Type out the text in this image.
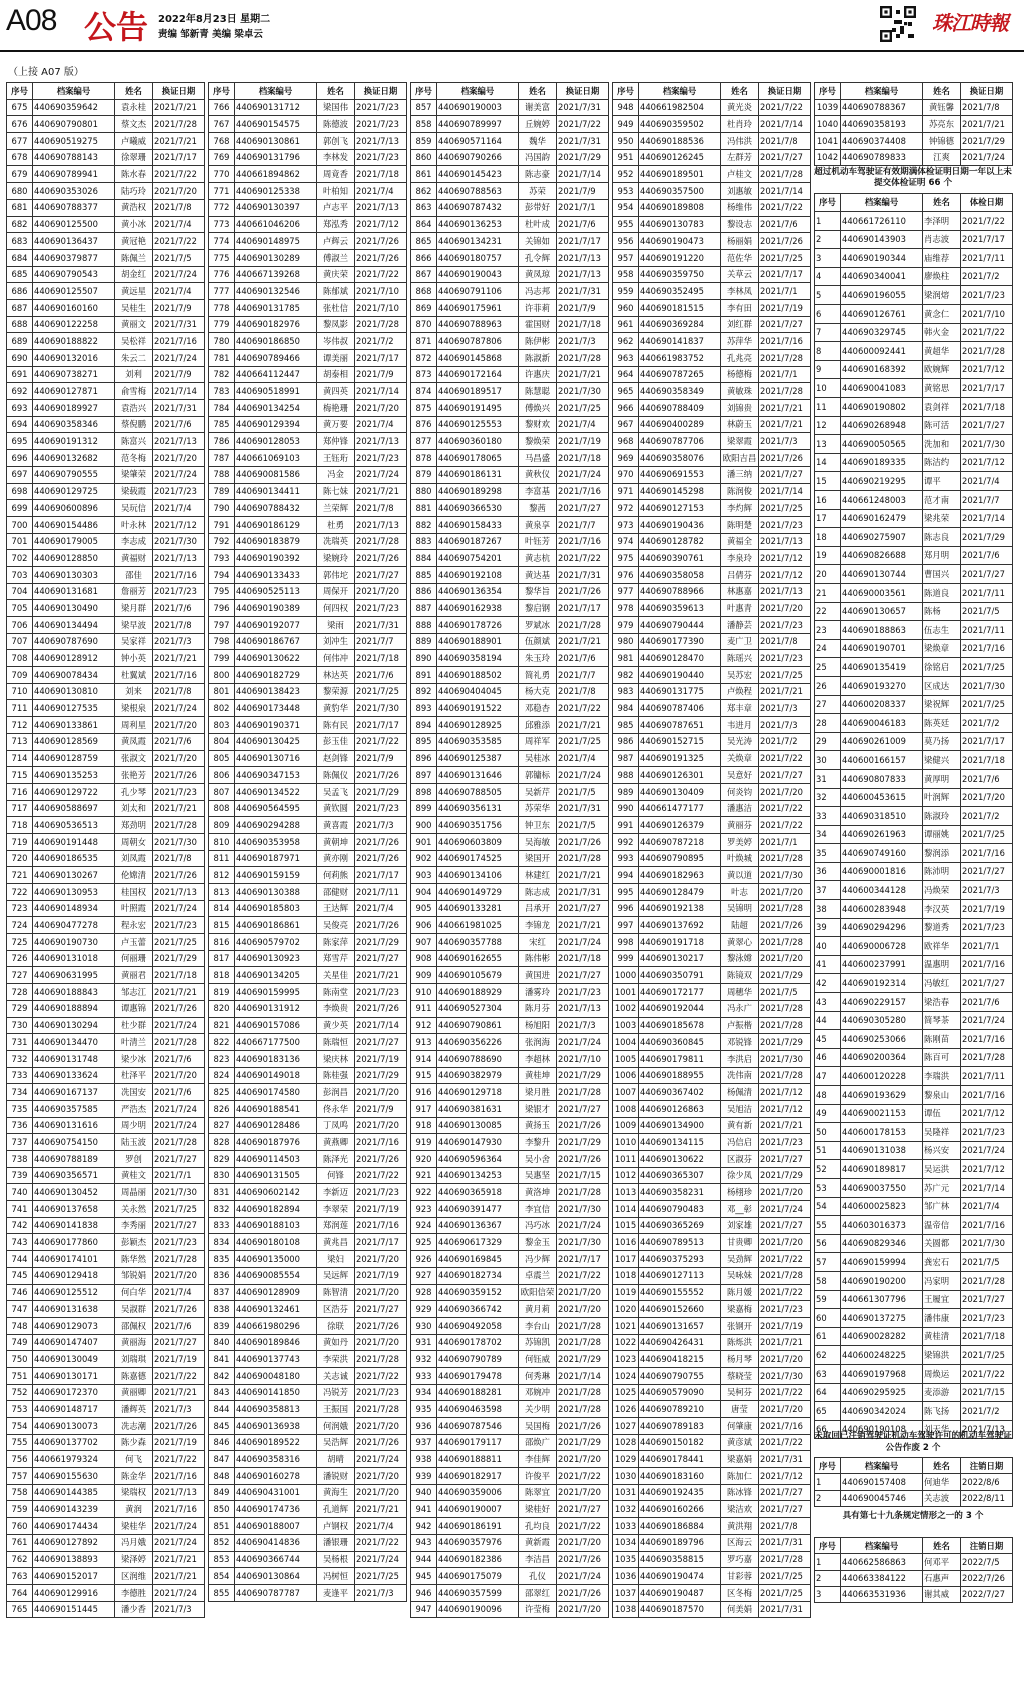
A08 公告 2022年8月23日 星期二
责编 邹新青 美编 梁卓云	珠江時報
（上接 A07 版）
序号	档案编号	姓名	换证日期
675	440690359642	袁永桂	2021/7/21
676	440690790801	蔡文杰	2021/7/28
677	440690519275	卢曦威	2021/7/21
678	440690788143	徐翠珊	2021/7/17
679	440690789941	陈水春	2021/7/22
680	440690353026	陆巧玲	2021/7/20
681	440690788377	黄浩权	2021/7/8
682	440690125500	黄小冰	2021/7/4
683	440690136437	黄冠艳	2021/7/22
684	440690379877	陈佩兰	2021/7/5
685	440690790543	胡金红	2021/7/24
686	440690125507	黄远星	2021/7/4
687	440690160160	吴桂生	2021/7/9
688	440690122258	黄丽文	2021/7/31
689	440690188822	吴松祥	2021/7/16
690	440690132016	朱云二	2021/7/24
691	440690738271	刘利	2021/7/9
692	440690127871	俞雪梅	2021/7/14
693	440690189927	袁浩兴	2021/7/31
694	440690358346	蔡倪鹏	2021/7/6
695	440690191312	陈富兴	2021/7/13
696	440690132682	范冬梅	2021/7/20
697	440690790555	梁肇荣	2021/7/24
698	440690129725	梁载霞	2021/7/23
699	440690600896	吴玩信	2021/7/4
700	440690154486	叶永林	2021/7/12
701	440690179005	李志成	2021/7/30
702	440690128850	黄福财	2021/7/13
703	440690130303	邵佳	2021/7/16
704	440690131681	詹丽芳	2021/7/23
705	440690130490	梁月群	2021/7/6
706	440690134494	梁早波	2021/7/8
707	440690787690	吴家祥	2021/7/3
708	440690128912	钟小英	2021/7/21
709	440690078434	杜翼斌	2021/7/16
710	440690130810	刘来	2021/7/8
711	440690127535	梁根泉	2021/7/24
712	440690133861	周利星	2021/7/20
713	440690128569	黄凤霞	2021/7/6
714	440690128759	张淑文	2021/7/20
715	440690135253	张艳芳	2021/7/26
716	440690129722	孔少琴	2021/7/23
717	440690588697	刘太和	2021/7/21
718	440690536513	郑劲明	2021/7/28
719	440690191448	周朝女	2021/7/30
720	440690186535	刘凤霞	2021/7/8
721	440690130267	伦嫦清	2021/7/26
722	440690130953	桂国权	2021/7/13
723	440690148934	叶照霞	2021/7/24
724	440690477278	程永宏	2021/7/23
725	440690190730	卢玉蕾	2021/7/25
726	440690131018	何丽珊	2021/7/29
727	440690631995	黄丽君	2021/7/18
728	440690188843	邹志江	2021/7/21
729	440690188894	谭惠锦	2021/7/26
730	440690130294	杜少群	2021/7/24
731	440690134470	叶清兰	2021/7/28
732	440690131748	梁少冰	2021/7/6
733	440690133624	杜泽平	2021/7/20
734	440690167137	冼国安	2021/7/6
735	440690357585	严浩杰	2021/7/24
736	440690131616	周少明	2021/7/24
737	440690754150	陆玉波	2021/7/28
738	440690788189	罗创	2021/7/27
739	440690356571	黄桂文	2021/7/1
740	440690130452	周晶丽	2021/7/30
741	440690137658	关永然	2021/7/25
742	440690141838	李秀丽	2021/7/27
743	440690177860	彭颖杰	2021/7/23
744	440690174101	陈华然	2021/7/28
745	440690129418	邹锐娟	2021/7/20
746	440690125512	何白华	2021/7/4
747	440690131638	吴淑群	2021/7/26
748	440690129073	邵佩权	2021/7/6
749	440690147407	黄丽海	2021/7/27
750	440690130049	刘瑞琪	2021/7/19
751	440690130171	陈嘉德	2021/7/22
752	440690172370	黄丽卿	2021/7/21
753	440690148717	潘辉英	2021/7/3
754	440690130073	冼志潮	2021/7/26
755	440690137702	陈少森	2021/7/19
756	440661979324	何飞	2021/7/22
757	440690155630	陈金华	2021/7/16
758	440690144385	梁瑞权	2021/7/13
759	440690143239	黄润	2021/7/16
760	440690174434	梁桂华	2021/7/24
761	440690127892	冯月娥	2021/7/24
762	440690138893	梁泽婷	2021/7/21
763	440690152017	区润维	2021/7/21
764	440690129916	李德胜	2021/7/24
765	440690151445	潘少香	2021/7/3
序号	档案编号	姓名	换证日期
766	440690131712	梁国伟	2021/7/23
767	440690154575	陈德波	2021/7/23
768	440690130861	郭创飞	2021/7/13
769	440690131796	李林发	2021/7/23
770	440661894862	周竟香	2021/7/18
771	440690125338	叶柏知	2021/7/4
772	440690130397	卢志平	2021/7/13
773	440661046206	郑泓秀	2021/7/12
774	440690148975	卢辉云	2021/7/26
775	440690130289	傅淑兰	2021/7/26
776	440667139268	黄庆荣	2021/7/22
777	440690132546	陈郁斌	2021/7/10
778	440690131785	张杜信	2021/7/10
779	440690182976	黎凤影	2021/7/28
780	440690186850	岑伟叔	2021/7/2
781	440690789466	谭美丽	2021/7/17
782	440664112447	胡泰相	2021/7/9
783	440690518991	黄四英	2021/7/14
784	440690134254	梅艳珊	2021/7/20
785	440690129394	黄万要	2021/7/4
786	440690128053	郑仲锋	2021/7/13
787	440661069103	王钰珩	2021/7/23
788	440690081586	冯金	2021/7/24
789	440690134411	陈七妹	2021/7/21
790	440690788432	兰荣辉	2021/7/8
791	440690186129	杜勇	2021/7/13
792	440690183879	冼瑞英	2021/7/28
793	440690190392	梁婉玲	2021/7/26
794	440690133433	郭伟坨	2021/7/27
795	440690525113	周保开	2021/7/20
796	440690190389	何四权	2021/7/23
797	440690192077	梁雨	2021/7/31
798	440690186767	刘冲生	2021/7/7
799	440690130622	何伟冲	2021/7/18
800	440690182729	林达英	2021/7/6
801	440690138423	黎荣源	2021/7/25
802	440690173448	黄豹华	2021/7/30
803	440690190371	陈有民	2021/7/17
804	440690130425	彭玉佳	2021/7/22
805	440690130716	赵剑锋	2021/7/9
806	440690347153	陈佩仪	2021/7/26
807	440690134522	吴孟飞	2021/7/29
808	440690564595	黄钦圆	2021/7/23
809	440690294288	黄喜霞	2021/7/3
810	440690353958	黄朝坤	2021/7/26
811	440690187971	黄亦刚	2021/7/26
812	440690159159	何莉熊	2021/7/17
813	440690130388	邵健财	2021/7/11
814	440690185803	王达辉	2021/7/4
815	440690186861	吴俊亮	2021/7/26
816	440690579702	陈家萍	2021/7/29
817	440690130923	郑雪芹	2021/7/27
818	440690134205	关星佳	2021/7/21
819	440690159995	陈南堂	2021/7/23
820	440690131912	李焕贵	2021/7/26
821	440690157086	黄少英	2021/7/14
822	440667177500	陈瑞恒	2021/7/27
823	440690183136	梁庆林	2021/7/19
824	440690149018	陈桂强	2021/7/29
825	440690174580	彭润昌	2021/7/20
826	440690188541	佟永华	2021/7/9
827	440690128486	丁凤鸣	2021/7/20
828	440690187976	黄燕卿	2021/7/16
829	440690114503	陈泽光	2021/7/26
830	440690131505	何锋	2021/7/22
831	440690602142	李新迈	2021/7/23
832	440690182894	李翠荣	2021/7/19
833	440690188103	郑润莲	2021/7/16
834	440690180108	黄兆昌	2021/7/17
835	440690135000	梁妇	2021/7/20
836	440690085554	吴远辉	2021/7/19
837	440690128909	陈智清	2021/7/20
838	440690132461	区浩芬	2021/7/27
839	440661980296	徐联	2021/7/26
840	440690189846	黄如丹	2021/7/20
841	440690137743	李荣洪	2021/7/28
842	440690048180	关志诚	2021/7/22
843	440690141850	冯锐芳	2021/7/23
844	440690358813	王振国	2021/7/28
845	440690136938	何润娥	2021/7/20
846	440690189522	吴浩辉	2021/7/26
847	440690358316	胡晴	2021/7/24
848	440690160278	潘锐财	2021/7/20
849	440690431001	黄海生	2021/7/20
850	440690174736	孔道辉	2021/7/21
851	440690188007	卢钢权	2021/7/4
852	440690414836	潘银珊	2021/7/22
853	440690366744	吴杨根	2021/7/24
854	440690130864	冯树恒	2021/7/25
855	440690787787	麦逢平	2021/7/3
序号	档案编号	姓名	换证日期
857	440690190003	谢美富	2021/7/31
858	440690789997	丘婉婷	2021/7/22
859	440690571164	魏华	2021/7/31
860	440690790266	冯国韵	2021/7/29
861	440690145423	陈志豪	2021/7/14
862	440690788563	苏荣	2021/7/9
863	440690787432	彭带好	2021/7/1
864	440690136253	杜叶成	2021/7/6
865	440690134231	关锦如	2021/7/17
866	440690180757	孔令辉	2021/7/13
867	440690190043	黄凤琼	2021/7/13
868	440690791106	冯志邦	2021/7/31
869	440690175961	许菲莉	2021/7/9
870	440690788963	霍国财	2021/7/18
871	440690787806	陈伊彬	2021/7/3
872	440690145868	陈淑新	2021/7/28
873	440690172164	许惠庆	2021/7/21
874	440690189517	陈慧聪	2021/7/30
875	440690191495	傅焕兴	2021/7/25
876	440690125553	黎财欢	2021/7/4
877	440690360180	黎焕荣	2021/7/19
878	440690178065	马昌盛	2021/7/18
879	440690186131	黄秋仪	2021/7/24
880	440690189298	李富基	2021/7/16
881	440690366530	黎茜	2021/7/27
882	440690158433	黄泉享	2021/7/7
883	440690187267	叶钰芳	2021/7/16
884	440690754201	黄志杭	2021/7/22
885	440690192108	黄达基	2021/7/31
886	440690136354	黎华旨	2021/7/26
887	440690162938	黎启钢	2021/7/17
888	440690178726	罗斌冰	2021/7/28
889	440690188901	伍颜斌	2021/7/21
890	440690358194	朱玉玲	2021/7/6
891	440690188502	简礼勇	2021/7/7
892	440690404045	杨大克	2021/7/8
893	440690191522	邓稳杏	2021/7/22
894	440690128925	邱雅添	2021/7/21
895	440690353585	周祥军	2021/7/25
896	440690125387	吴桂冰	2021/7/4
897	440690131646	郭镛标	2021/7/24
898	440690788505	吴新芹	2021/7/5
899	440690356131	苏荣华	2021/7/31
900	440690351756	钟卫东	2021/7/5
901	440690603809	吴海敏	2021/7/26
902	440690174525	梁国开	2021/7/28
903	440690134106	林建红	2021/7/21
904	440690149729	陈志成	2021/7/31
905	440690133281	吕承开	2021/7/27
906	440661981025	李锦龙	2021/7/21
907	440690357788	宋红	2021/7/24
908	440690162655	陈伟彬	2021/7/18
909	440690105679	黄国进	2021/7/27
910	440690188929	潘雾玲	2021/7/23
911	440690527304	陈月芬	2021/7/13
912	440690790861	杨旭阳	2021/7/3
913	440690356226	张润海	2021/7/24
914	440690788690	李超林	2021/7/10
915	440690382979	黄桂坤	2021/7/29
916	440690129718	梁月胜	2021/7/28
917	440690381631	梁银才	2021/7/27
918	440690130085	黄扬玉	2021/7/26
919	440690147930	李黎升	2021/7/29
920	440690596364	吴小舍	2021/7/26
921	440690134253	吴惠坚	2021/7/15
922	440690365918	黄洛坤	2021/7/28
923	440690391477	李宜信	2021/7/30
924	440690136367	冯巧冰	2021/7/24
925	440690617329	黎金玉	2021/7/30
926	440690169845	冯少辉	2021/7/17
927	440690182734	卓震兰	2021/7/22
928	440690359152	欧阳信荣	2021/7/20
929	440690366742	黄月莉	2021/7/20
930	440690492058	李台山	2021/7/28
931	440690178702	苏锦凯	2021/7/28
932	440690790789	何钰威	2021/7/29
933	440690179478	何秀琳	2021/7/14
934	440690188281	邓婉冲	2021/7/28
935	440690463598	关少明	2021/7/28
936	440690787546	吴国梅	2021/7/26
937	440690179117	邵焕广	2021/7/29
938	440690188811	李佳辉	2021/7/20
939	440690182917	许俊平	2021/7/22
940	440690359006	陈翠宜	2021/7/20
941	440690190007	梁桂好	2021/7/27
942	440690186191	孔均良	2021/7/22
943	440690357976	黄新霞	2021/7/20
944	440690182386	李洁昌	2021/7/26
945	440690175079	孔仪	2021/7/24
946	440690357599	邵翠红	2021/7/26
947	440690190096	许莹梅	2021/7/20
序号	档案编号	姓名	换证日期
948	440661982504	黄光炎	2021/7/22
949	440690359502	杜肖玲	2021/7/14
950	440690188536	冯伟洪	2021/7/8
951	440690126245	左群芳	2021/7/27
952	440690189501	卢桂文	2021/7/28
953	440690357500	刘惠敏	2021/7/14
954	440690189808	杨维伟	2021/7/22
955	440690130783	黎设志	2021/7/6
956	440690190473	杨丽娟	2021/7/26
957	440690191220	范佐华	2021/7/25
958	440690359750	关草云	2021/7/17
959	440690352495	李林凤	2021/7/1
960	440690181515	李有田	2021/7/19
961	440690369284	刘红群	2021/7/27
962	440690141837	苏萍华	2021/7/16
963	440661983752	孔兆亮	2021/7/28
964	440690787265	杨德梅	2021/7/1
965	440690358349	黄敏珠	2021/7/28
966	440690788409	刘锦贵	2021/7/21
967	440690400289	林蔚玉	2021/7/21
968	440690787706	梁翠霞	2021/7/3
969	440690358076	欧阳吉昌	2021/7/26
970	440690691553	潘三纳	2021/7/27
971	440690145298	陈润俊	2021/7/14
972	440690127153	李灼辉	2021/7/25
973	440690190436	陈明楚	2021/7/23
974	440690128782	黄福全	2021/7/13
975	440690390761	李泉玲	2021/7/12
976	440690358058	吕倩芬	2021/7/12
977	440690788966	林惠嘉	2021/7/13
978	440690359613	叶惠青	2021/7/20
979	440690790444	潘静芸	2021/7/23
980	440690177390	麦广卫	2021/7/8
981	440690128470	陈瑶兴	2021/7/23
982	440690190440	吴苏宏	2021/7/25
983	440690131775	卢焕程	2021/7/21
984	440690787406	郑丰章	2021/7/3
985	440690787651	韦进月	2021/7/3
986	440690152715	吴光涛	2021/7/2
987	440690191325	关焕章	2021/7/22
988	440690126301	吴意好	2021/7/27
989	440690130409	何炎钧	2021/7/20
990	440661477177	潘惠洁	2021/7/22
991	440690126379	黄丽芬	2021/7/22
992	440690787218	罗美婷	2021/7/1
993	440690790895	叶焕城	2021/7/28
994	440690182963	黄以道	2021/7/30
995	440690128479	叶志	2021/7/20
996	440690192138	吴锦明	2021/7/28
997	440690137692	陆超	2021/7/26
998	440690191718	黄翠心	2021/7/28
999	440690130217	黎泳嫦	2021/7/20
1000	440690350791	陈镜双	2021/7/29
1001	440690172177	周穗华	2021/7/5
1002	440690192044	冯永广	2021/7/28
1003	440690185678	卢振楷	2021/7/28
1004	440690360845	邓锐锋	2021/7/29
1005	440690179811	李洪启	2021/7/30
1006	440690188955	冼伟南	2021/7/28
1007	440690367402	杨佩清	2021/7/12
1008	440690126863	吴旭洁	2021/7/12
1009	440690134900	黄有新	2021/7/21
1010	440690134115	冯信启	2021/7/23
1011	440690130622	区淑芬	2021/7/27
1012	440690365307	徐少凤	2021/7/29
1013	440690358231	杨栩珍	2021/7/20
1014	440690790483	邓__彰	2021/7/24
1015	440690365269	刘家雄	2021/7/27
1016	440690789513	甘贵卿	2021/7/20
1017	440690375293	吴劲辉	2021/7/22
1018	440690127113	吴咏妹	2021/7/28
1019	440690155552	陈月媛	2021/7/22
1020	440690152660	梁嘉梅	2021/7/23
1021	440690131657	张钢开	2021/7/19
1022	440690426431	陈烁洪	2021/7/21
1023	440690418215	杨月琴	2021/7/20
1024	440690790755	蔡晓莹	2021/7/30
1025	440690579090	吴柯芬	2021/7/22
1026	440690789210	唐莹	2021/7/20
1027	440690789183	何肇康	2021/7/16
1028	440690150182	黄彦斌	2021/7/22
1029	440690178441	梁嘉娟	2021/7/31
1030	440690183160	陈加仁	2021/7/12
1031	440690192435	陈冰锋	2021/7/27
1032	440690160266	梁洁欢	2021/7/27
1033	440690186884	黄洪翔	2021/7/8
1034	440690189796	区海云	2021/7/31
1035	440690358815	罗巧嘉	2021/7/28
1036	440690190474	甘彩蓉	2021/7/25
1037	440690190487	区冬梅	2021/7/25
1038	440690187570	何美娟	2021/7/31
序号	档案编号	姓名	换证日期
1039	440690788367	黄钰馨	2021/7/8
1040	440690358193	苏亮东	2021/7/21
1041	440690374408	钟锦德	2021/7/29
1042	440690789833	江爽	2021/7/24
超过机动车驾驶证有效期满体检证明日期一年以上未提交体检证明 66 个
序号	档案编号	姓名	体检日期
1	440661726110	李泽明	2021/7/22
2	440690143903	肖志波	2021/7/17
3	440690190344	庙维荐	2021/7/11
4	440690340041	廖焕柱	2021/7/2
5	440690196055	梁润熔	2021/7/23
6	440690126761	黄念仁	2021/7/10
7	440690329745	韩火金	2021/7/22
8	440600092441	黄超华	2021/7/28
9	440690168392	欧婉辉	2021/7/12
10	440690041083	黄铭思	2021/7/17
11	440690190802	袁剑祥	2021/7/18
12	440690268948	陈可活	2021/7/27
13	440690050565	洗加和	2021/7/30
14	440690189335	陈洁约	2021/7/12
15	440690219295	谭平	2021/7/4
16	440661248003	范才南	2021/7/7
17	440690162479	梁兆荣	2021/7/14
18	440690275907	陈志良	2021/7/29
19	440690826688	郑月明	2021/7/6
20	440690130744	曹国兴	2021/7/27
21	440690003561	陈道良	2021/7/11
22	440690130657	陈杨	2021/7/5
23	440690188863	伍志生	2021/7/11
24	440690190701	梁焕章	2021/7/16
25	440690135419	徐铭启	2021/7/25
26	440690193270	区成达	2021/7/30
27	440600208337	梁祝辉	2021/7/25
28	440690046183	陈英廷	2021/7/2
29	440690261009	莫乃扬	2021/7/17
30	440600166157	梁健兴	2021/7/18
31	440690807833	黄厚明	2021/7/6
32	440600453615	叶润辉	2021/7/20
33	440690318510	陈淑玲	2021/7/2
34	440690261963	谭丽姚	2021/7/25
35	440690749160	黎润添	2021/7/16
36	440690001816	陈沛明	2021/7/27
37	440600344128	冯焕荣	2021/7/3
38	440600283948	李汉英	2021/7/19
39	440690294296	黎道秀	2021/7/23
40	440690006728	欧祥华	2021/7/1
41	440600237991	温惠明	2021/7/16
42	440690192314	冯敏红	2021/7/27
43	440690229157	梁浩春	2021/7/6
44	440690305280	简琴茶	2021/7/24
45	440690253066	陈刚苗	2021/7/16
46	440690200364	陈百可	2021/7/28
47	440600120228	李瑞洪	2021/7/11
48	440690193629	黎泉山	2021/7/16
49	440690021153	谭伍	2021/7/12
50	440600178153	吴隆祥	2021/7/23
51	440690131038	杨兴安	2021/7/24
52	440690189817	吴运洪	2021/7/12
53	440690037550	苏广元	2021/7/14
54	440600025823	邹广林	2021/7/4
55	440603016373	温帝信	2021/7/16
56	440690829346	关圆都	2021/7/30
57	440690159994	龚宏石	2021/7/5
58	440690190200	冯家明	2021/7/28
59	440661307796	王履宜	2021/7/27
60	440690137275	潘伟康	2021/7/23
61	440690028282	黄桂清	2021/7/18
62	440600248225	梁锦洪	2021/7/25
63	440690197968	周焕运	2021/7/22
64	440690295925	麦添游	2021/7/15
65	440690342024	陈飞扬	2021/7/2
66	440690190108	刘天华	2021/7/13
未取回已注销驾驶证机动车驾驶许可的机动车驾驶证公告作废 2 个
序号	档案编号	姓名	注销日期
1	440690157408	何迪华	2022/8/6
2	440690045746	关志波	2022/8/11
具有第七十九条规定情形之一的 3 个
序号	档案编号	姓名	注销日期
1	440662586863	何邓平	2022/7/5
2	440663384122	石惠声	2022/7/26
3	440663531936	谢其威	2022/7/27
